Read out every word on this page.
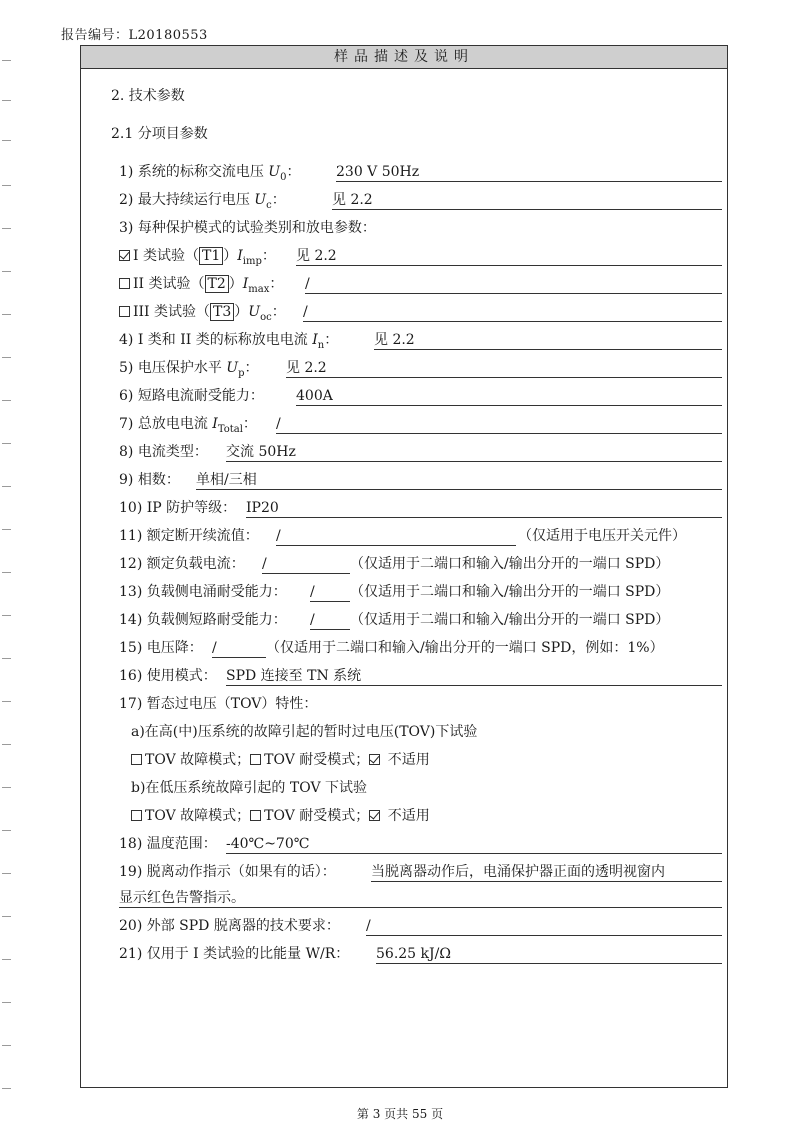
报告编号：L20180553
样品描述及说明
2. 技术参数
2.1 分项目参数
1) 系统的标称交流电压 $U_0$：	230 V 50Hz
2) 最大持续运行电压 $U_c$：	见 2.2
3) 每种保护模式的试验类别和放电参数：
I 类试验（ T1 ）$I_{imp}$： 见 2.2
II 类试验（ T2 ）$I_{max}$： /
III 类试验（ T3 ）$U_{oc}$： /
4) I 类和 II 类的标称放电电流 $I_n$：	见 2.2
5) 电压保护水平 $U_p$： 见 2.2
6) 短路电流耐受能力： 400A
7) 总放电电流 $I_{Total}$： /
8) 电流类型： 交流 50Hz
9) 相数： 单相/三相
10) IP 防护等级： IP20
11) 额定断开续流值： /	（仅适用于电压开关元件）
12) 额定负载电流： /	（仅适用于二端口和输入/输出分开的一端口 SPD）
13) 负载侧电涌耐受能力： /	（仅适用于二端口和输入/输出分开的一端口 SPD）
14) 负载侧短路耐受能力： /	（仅适用于二端口和输入/输出分开的一端口 SPD）
15) 电压降： /	（仅适用于二端口和输入/输出分开的一端口 SPD，例如：1%）
16) 使用模式： SPD 连接至 TN 系统
17) 暂态过电压（TOV）特性：
a)在高(中)压系统的故障引起的暂时过电压(TOV)下试验
TOV 故障模式； TOV 耐受模式； 不适用
b)在低压系统故障引起的 TOV 下试验
TOV 故障模式； TOV 耐受模式； 不适用
18) 温度范围： -40℃~70℃
19) 脱离动作指示（如果有的话）：	当脱离器动作后，电涌保护器正面的透明视窗内
显示红色告警指示。
20) 外部 SPD 脱离器的技术要求： /
21) 仅用于 I 类试验的比能量 W/R： 56.25 kJ/Ω
第 3 页共 55 页
